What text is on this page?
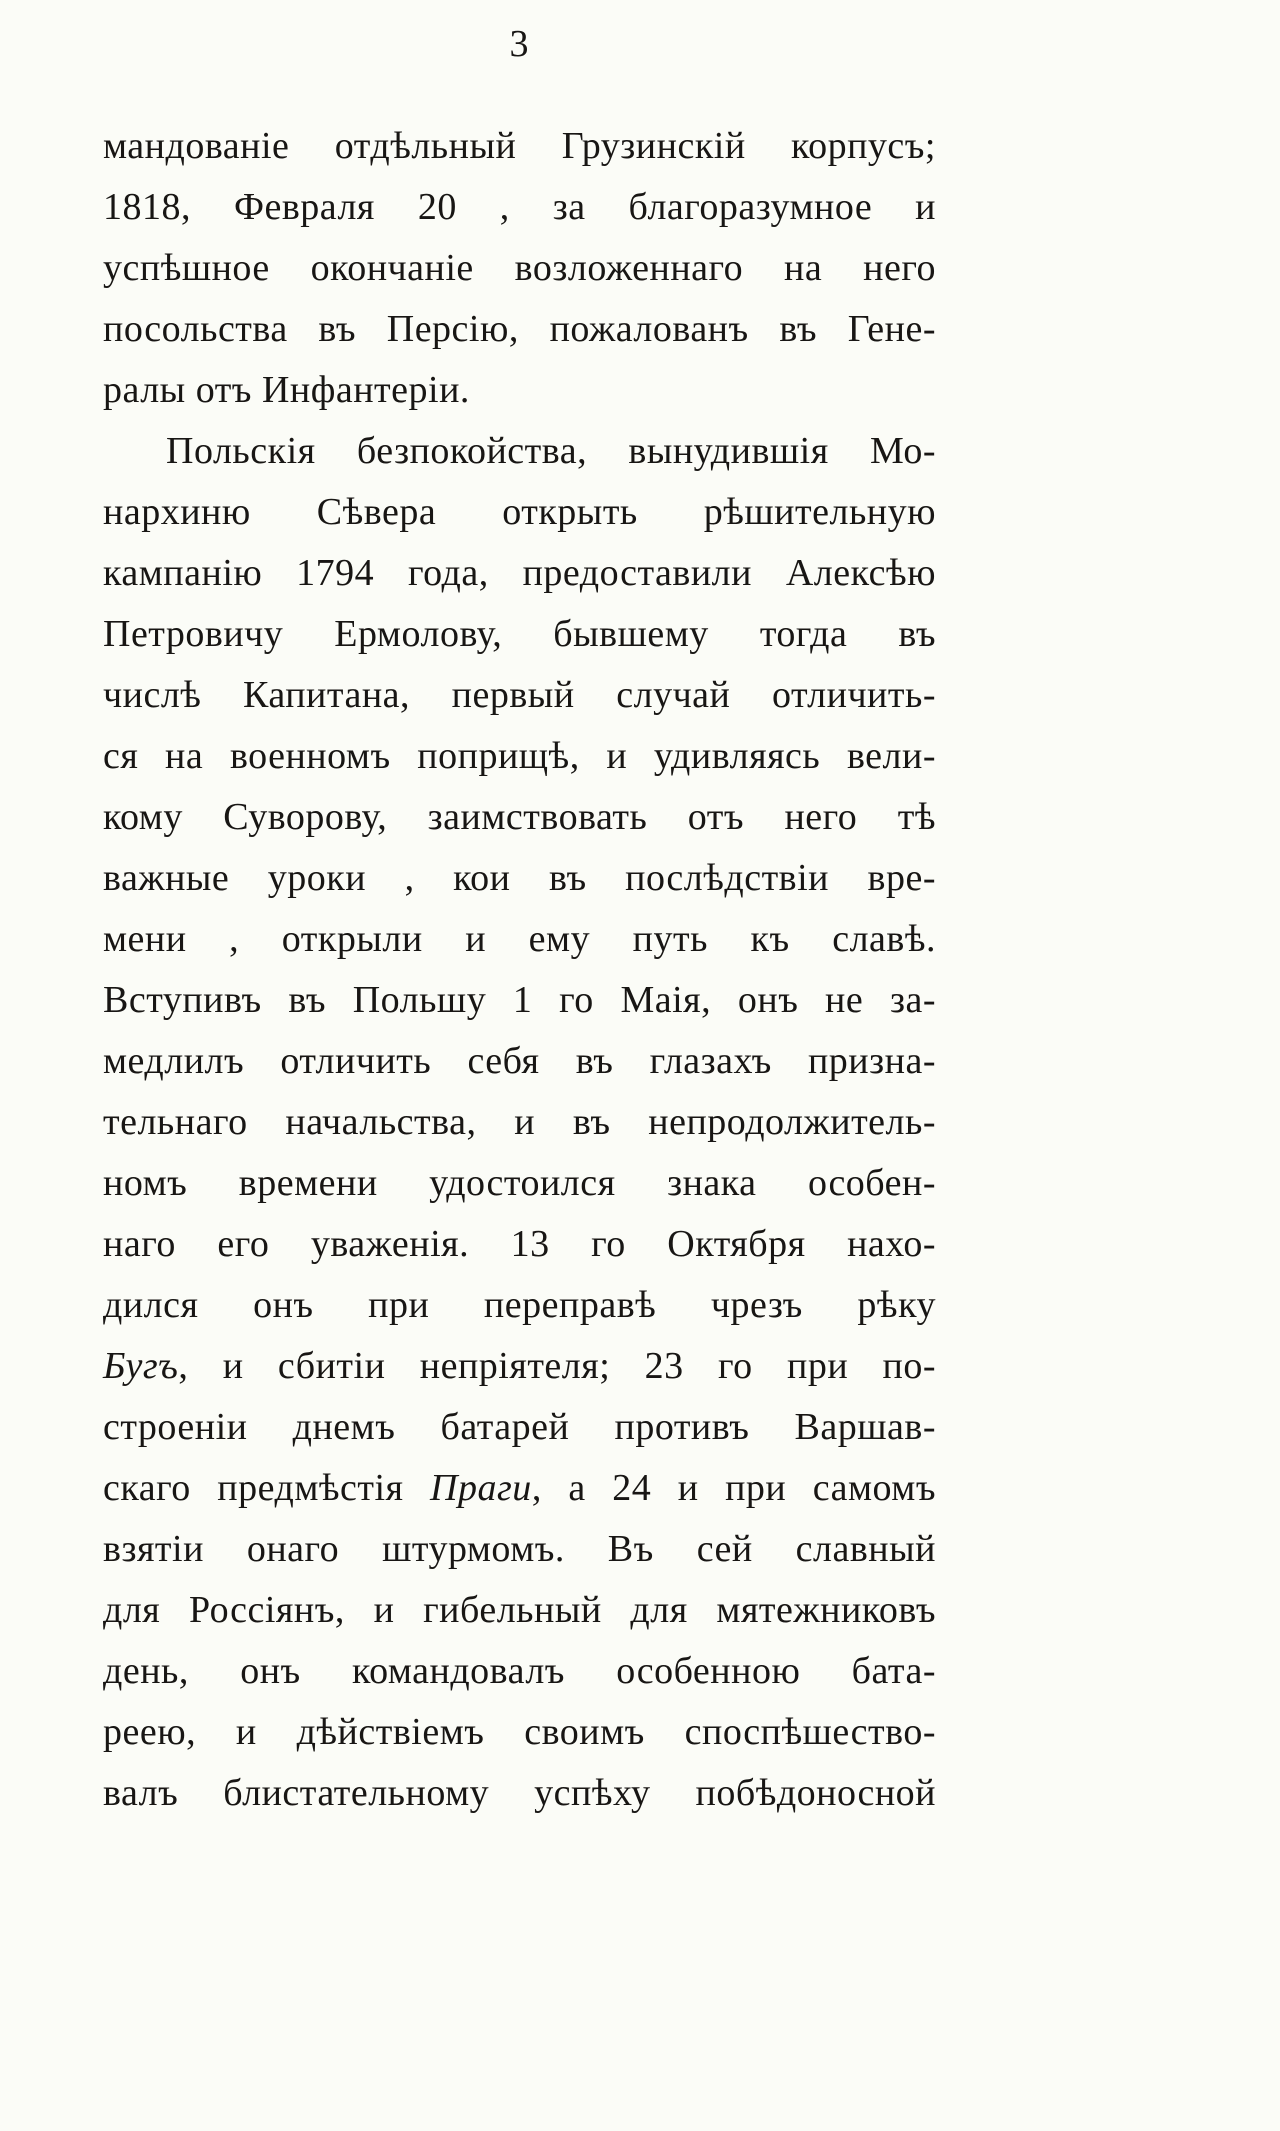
3
мандованіе отдѣльный Грузинскій корпусъ;
1818, Февраля 20 , за благоразумное и
успѣшное окончаніе возложеннаго на него
посольства въ Персію, пожалованъ въ Гене-
ралы отъ Инфантеріи.
Польскія безпокойства, вынудившія Мо-
нархиню Сѣвера открыть рѣшительную
кампанію 1794 года, предоставили Алексѣю
Петровичу Ермолову, бывшему тогда въ
числѣ Капитана, первый случай отличить-
ся на военномъ поприщѣ, и удивляясь вели-
кому Суворову, заимствовать отъ него тѣ
важные уроки , кои въ послѣдствіи вре-
мени , открыли и ему путь къ славѣ.
Вступивъ въ Польшу 1 го Маія, онъ не за-
медлилъ отличить себя въ глазахъ призна-
тельнаго начальства, и въ непродолжитель-
номъ времени удостоился знака особен-
наго его уваженія. 13 го Октября нахо-
дился онъ при переправѣ чрезъ рѣку
Бугъ, и сбитіи непріятеля; 23 го при по-
строеніи днемъ батарей противъ Варшав-
скаго предмѣстія Праги, а 24 и при самомъ
взятіи онаго штурмомъ. Въ сей славный
для Россіянъ, и гибельный для мятежниковъ
день, онъ командовалъ особенною бата-
реею, и дѣйствіемъ своимъ споспѣшество-
валъ блистательному успѣху побѣдоносной
